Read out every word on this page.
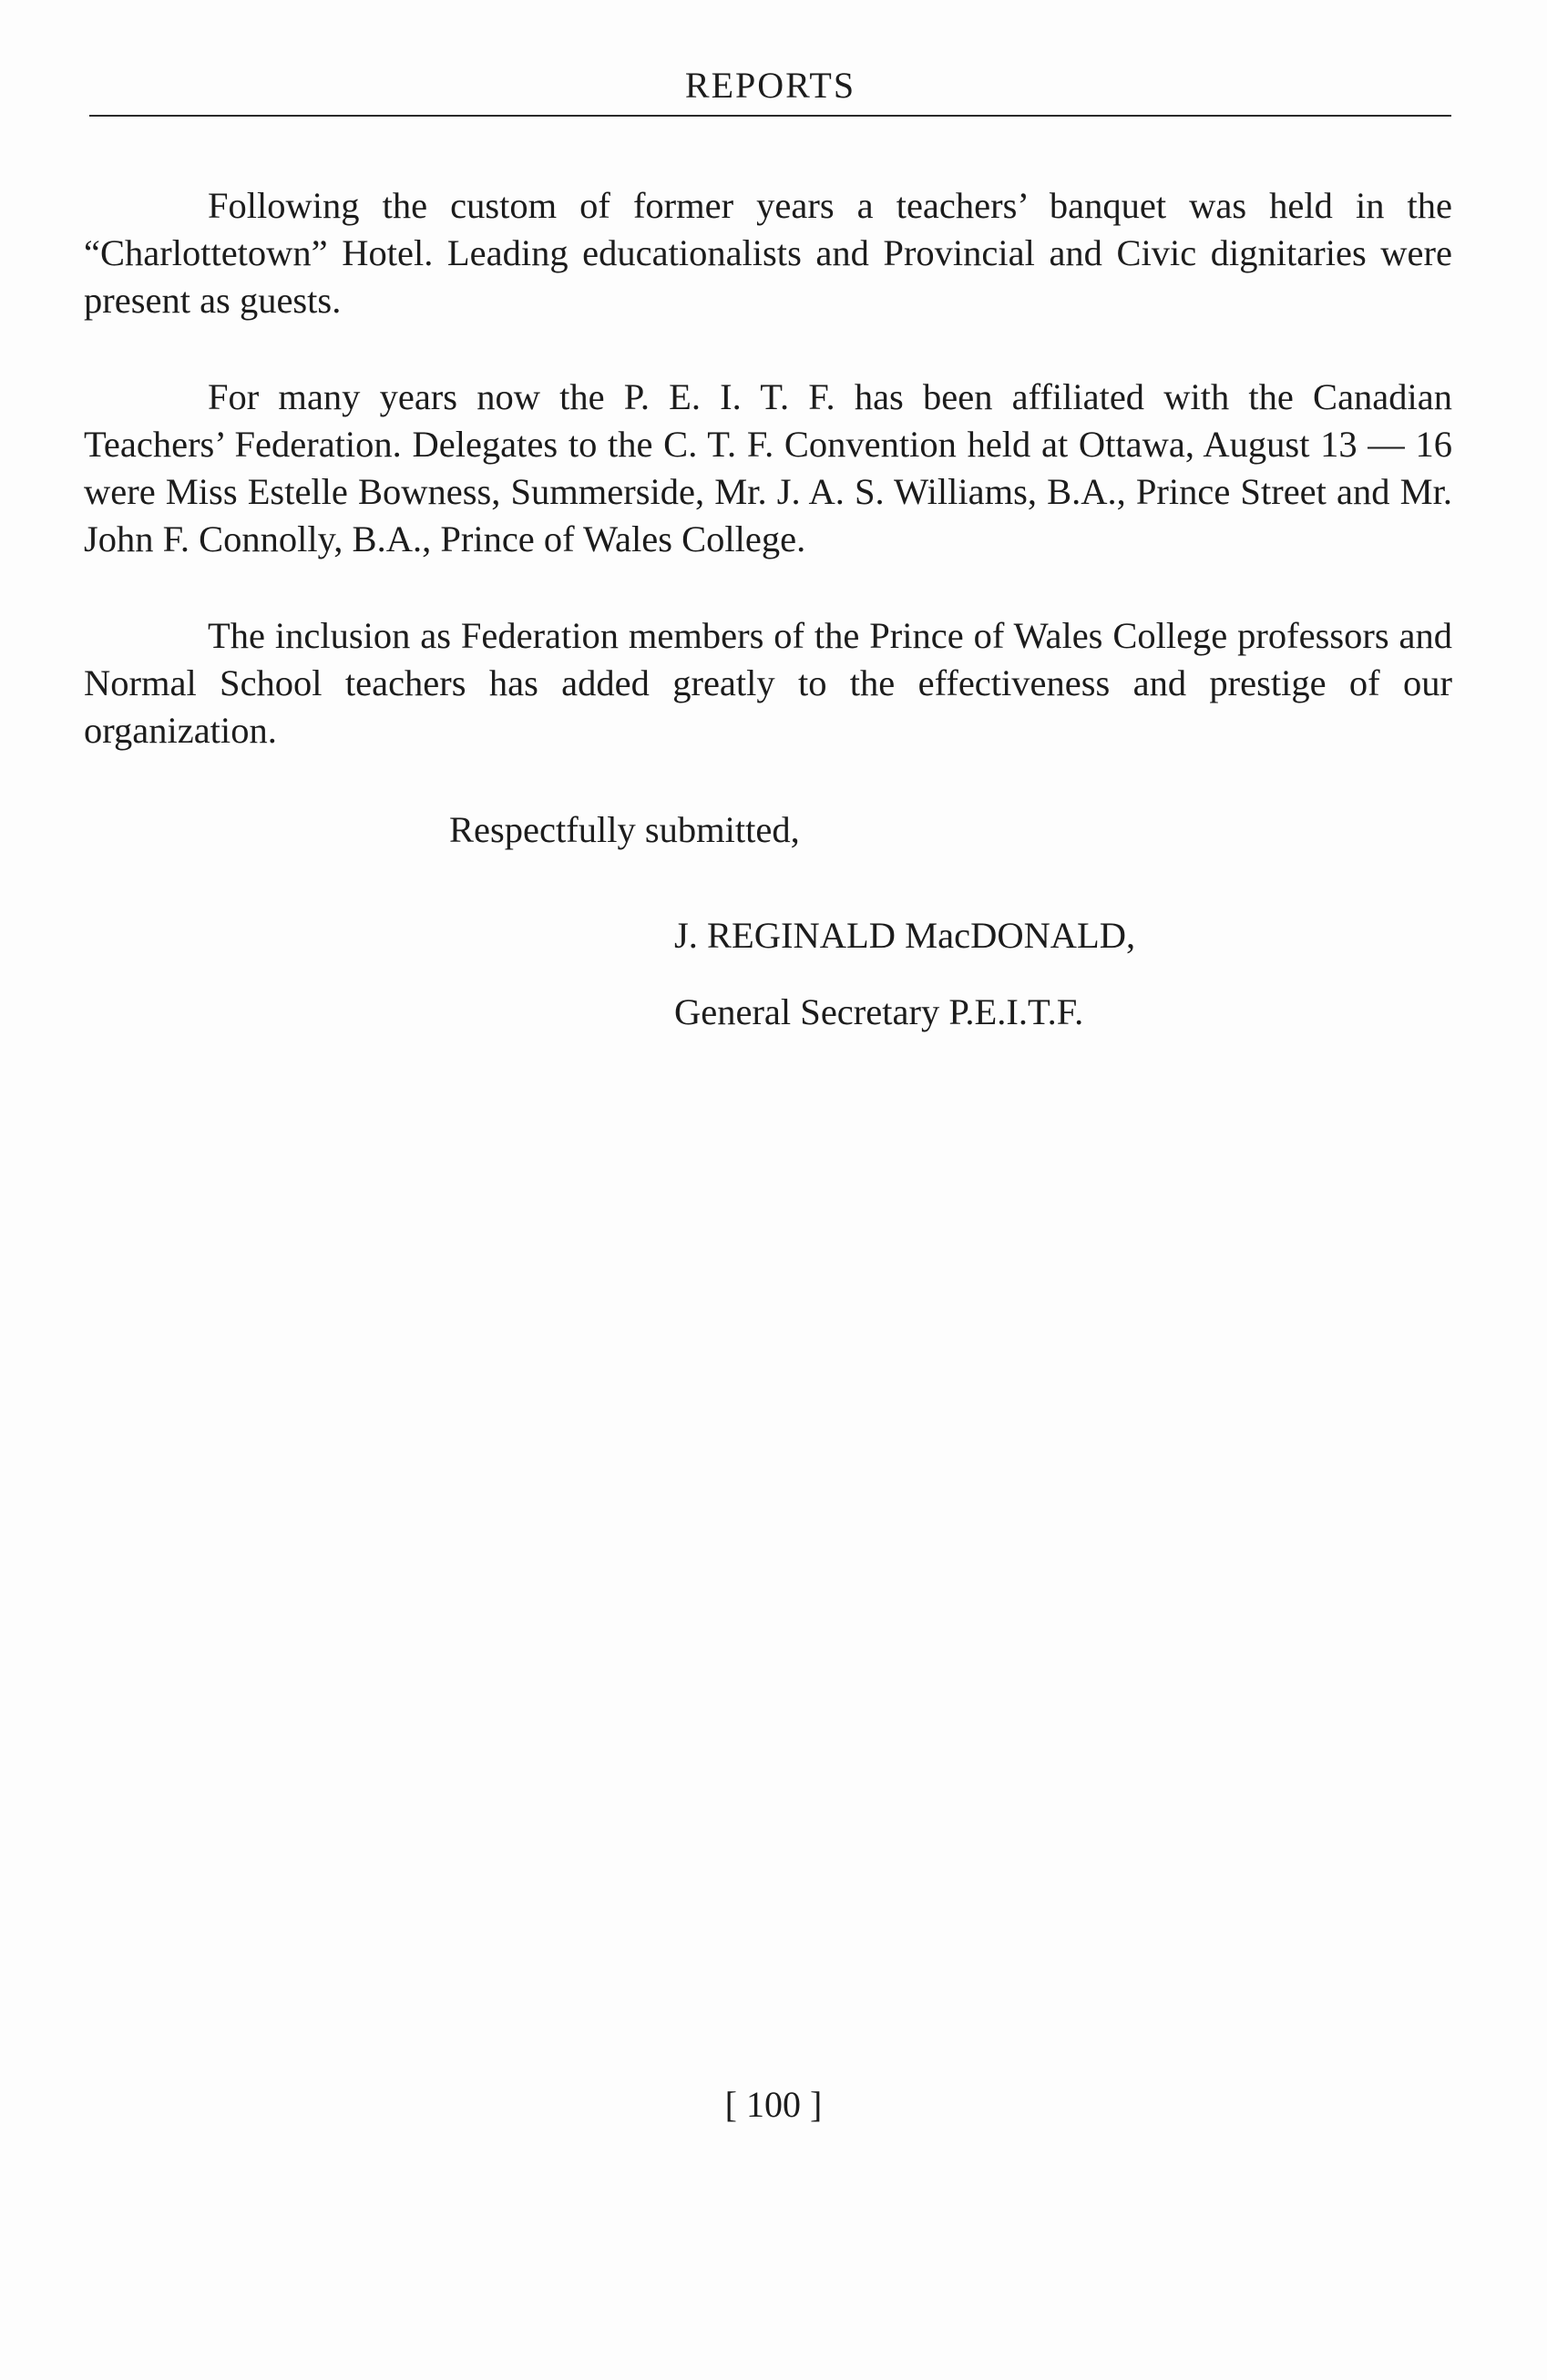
REPORTS

Following the custom of former years a teachers’ banquet was held in the “Charlottetown” Hotel. Leading educationalists and Provincial and Civic dignitaries were present as guests.

For many years now the P. E. I. T. F. has been affiliated with the Canadian Teachers’ Federation. Delegates to the C. T. F. Convention held at Ottawa, August 13 — 16 were Miss Estelle Bowness, Summerside, Mr. J. A. S. Williams, B.A., Prince Street and Mr. John F. Connolly, B.A., Prince of Wales College.

The inclusion as Federation members of the Prince of Wales College professors and Normal School teachers has added greatly to the effectiveness and prestige of our organization.

Respectfully submitted,
J. REGINALD MacDONALD,
General Secretary P.E.I.T.F.
[ 100 ]
